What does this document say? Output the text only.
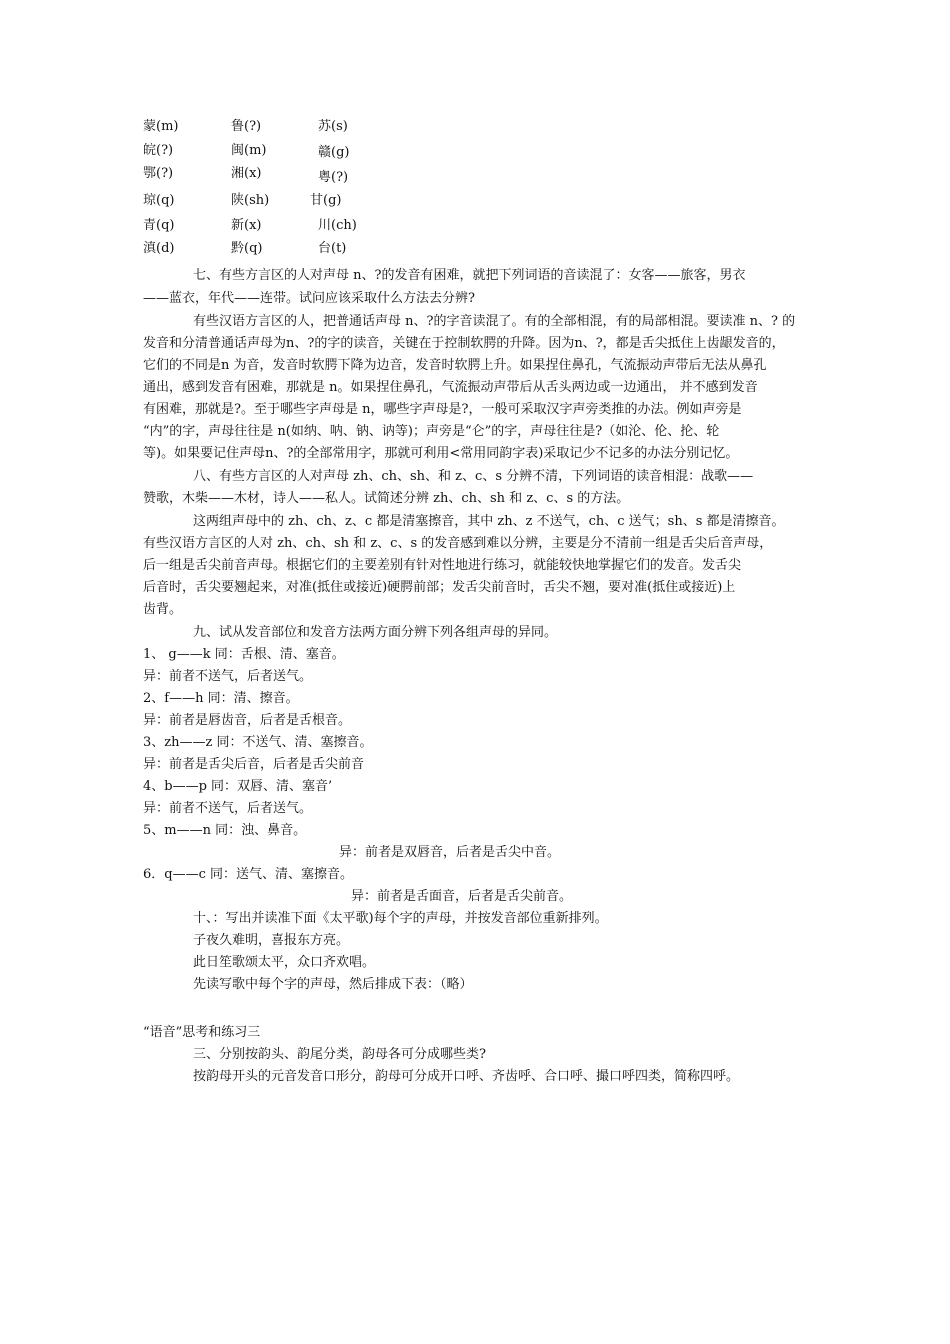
蒙(m)	鲁(?)	苏(s)
皖(?)	闽(m)	赣(g)
鄂(?)	湘(x)	粤(?)
琼(q)	陕(sh)	甘(g)
青(q)	新(x)	川(ch)
滇(d)	黔(q)	台(t)
七、有些方言区的人对声母 n、?的发音有困难，就把下列词语的音读混了：女客——旅客，男衣
——蓝衣，年代——连带。试问应该采取什么方法去分辨?
有些汉语方言区的人，把普通话声母 n、?的字音读混了。有的全部相混，有的局部相混。要读准 n、? 的
发音和分清普通话声母为n、?的字的读音，关键在于控制软腭的升降。因为n、?，都是舌尖抵住上齿龈发音的，
它们的不同是n 为音，发音时软腭下降为边音，发音时软腭上升。如果捏住鼻孔，气流振动声带后无法从鼻孔
通出，感到发音有困难，那就是 n。如果捏住鼻孔，气流振动声带后从舌头两边或一边通出， 并不感到发音
有困难，那就是?。至于哪些字声母是 n，哪些字声母是?，一般可采取汉字声旁类推的办法。例如声旁是
“内”的字，声母往往是 n(如纳、呐、钠、讷等)；声旁是“仑”的字，声母往往是?（如沦、伦、抡、轮
等)。如果要记住声母n、?的全部常用字，那就可利用<常用同韵字表)采取记少不记多的办法分别记忆。
八、有些方言区的人对声母 zh、ch、sh、和 z、c、s 分辨不清，下列词语的读音相混：战歌——
赞歌，木柴——木材，诗人——私人。试简述分辨 zh、ch、sh 和 z、c、s 的方法。
这两组声母中的 zh、ch、z、c 都是清塞擦音，其中 zh、z 不送气，ch、c 送气；sh、s 都是清擦音。
有些汉语方言区的人对 zh、ch、sh 和 z、c、s 的发音感到难以分辨，主要是分不清前一组是舌尖后音声母，
后一组是舌尖前音声母。根据它们的主要差别有针对性地进行练习，就能较快地掌握它们的发音。发舌尖
后音时，舌尖要翘起来，对准(抵住或接近)硬腭前部；发舌尖前音时，舌尖不翘，要对准(抵住或接近)上
齿背。
九、试从发音部位和发音方法两方面分辨下列各组声母的异同。
1、 g——k 同：舌根、清、塞音。
异：前者不送气，后者送气。
2、f——h 同：清、擦音。
异：前者是唇齿音，后者是舌根音。
3、zh——z 同：不送气、清、塞擦音。
异：前者是舌尖后音，后者是舌尖前音
4、b——p 同：双唇、清、塞音’
异：前者不送气，后者送气。
5、m——n 同：浊、鼻音。
异：前者是双唇音，后者是舌尖中音。
6．q——c 同：送气、清、塞擦音。
异：前者是舌面音，后者是舌尖前音。
十、：写出并读准下面《太平歌)每个字的声母，并按发音部位重新排列。
子夜久难明，喜报东方亮。
此日笙歌颂太平，众口齐欢唱。
先读写歌中每个字的声母，然后排成下表：（略）
“语音”思考和练习三
三、分别按韵头、韵尾分类，韵母各可分成哪些类?
按韵母开头的元音发音口形分，韵母可分成开口呼、齐齿呼、合口呼、撮口呼四类，简称四呼。
